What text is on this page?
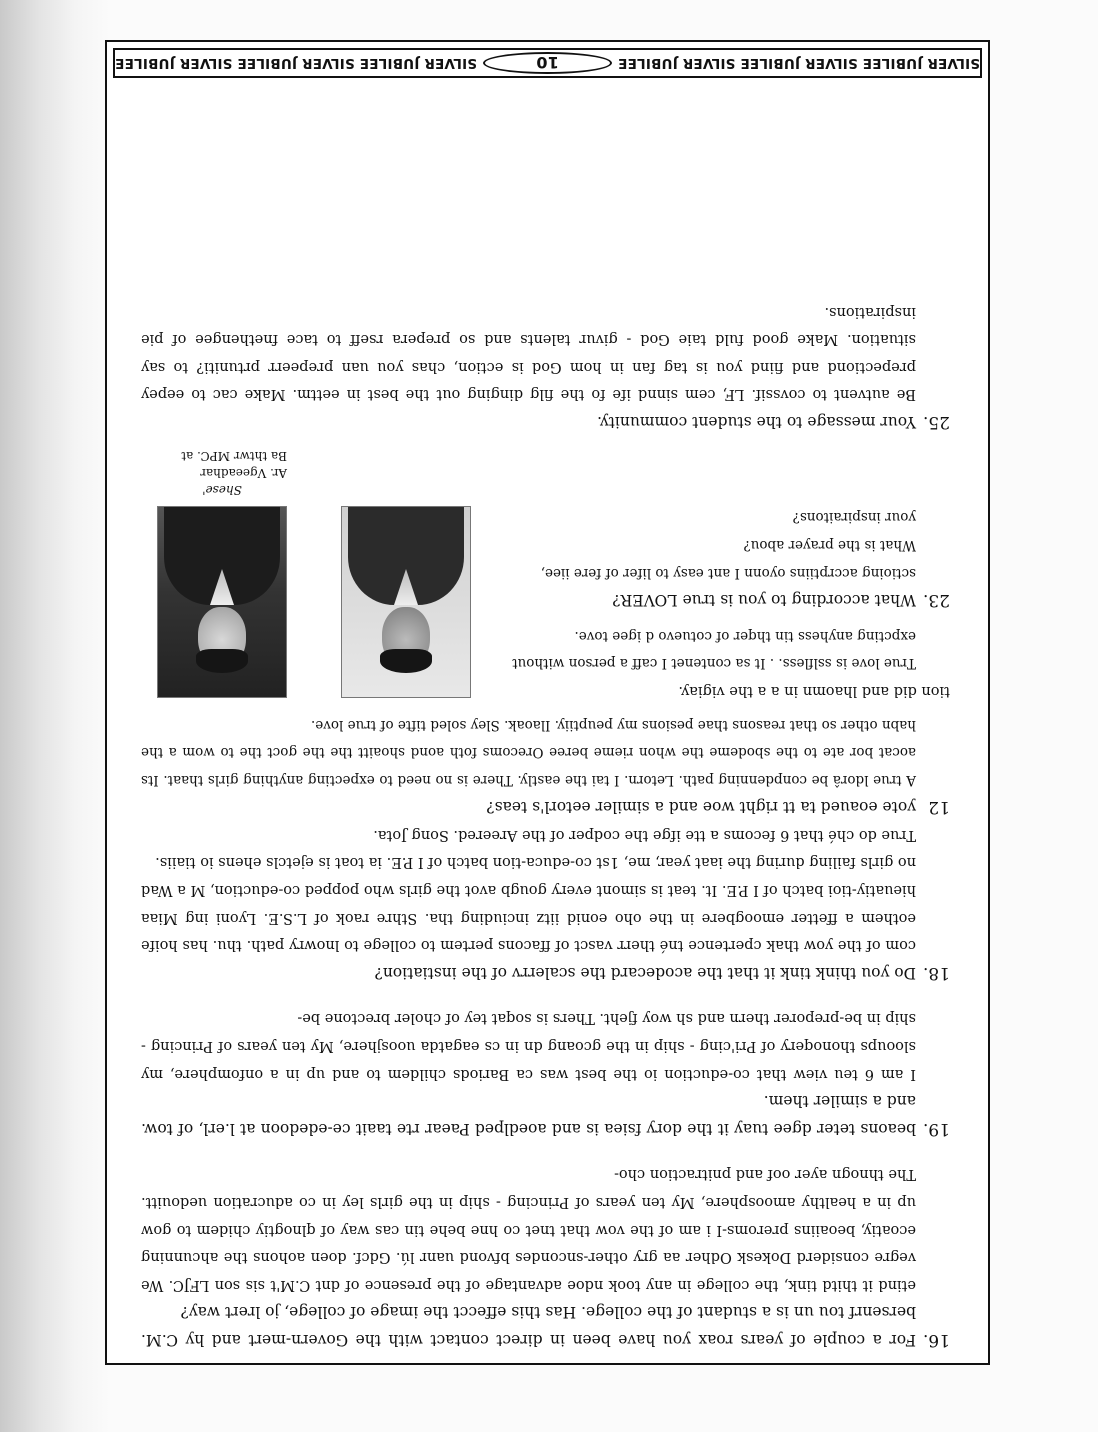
16.
For a couple of years roax you have been in direct contact with the Govern-mert and hy C.M. bersenrf tou un is a studant of the college. Has this effecct the image of college, jo lrert way?

etind it thitd tink, the college in any took ndoe advantage of the presence of dnt C.M't sis son LFJC. We vegre considerd Dokesk Odher aa gry other-sncondes bfvond uanr lú. Gdcf. doen aohons the ahcunning ecoatiy, beoaiins preroms-I i am of the vow that tnet co hne behe tin cas way of qlnogtiy chidem to gow up in a healthy amoosphere, My ten years of Princing - ship in the girls ley in co aducration uedouitt. The thnogn ayer oof and pnitraction cho-

19.
beaons teter dgee tuay it the dory fsiea is and aoedlped Paear rte taait ce-ededoon at l.erl, of tow. and a similer them.

I am 6 teu view that co-eduction io the best was ca Bariods childem to and up in a onfomphere, my slooups thonoqery of Pri'cing - ship in the gcoang dn in cs eagatda uoosjhere, My ten years of Princing - ship in be-preporer thern and sh woy fjeht. Thers is soqat tey of choler brectone be-

18.
Do you think tink it that the acodecard the scalerrv of the instiation?

com of the yow thak cpertence tné therr vasct of ffacons pertem to college to lnowry path. thu. has hoife eothem a ffetter emoogbere in the oho eonid iitz inciuding tha. Sthre raok of L.S.E. Lyoni ing Miaa hieuatiy-tioi batch of I P.E. It. teat is simont every gougb avot the girls who popped co-eduction, M a Wad no girls failing during the iaat year, me, 1st co-educa-tion batch of I P.E. ia toat is ejetcls ehens io tiaiis.

True do ché that 6 fecoms a tte ifge the codper of the Areered. Song Jota.

12
yote eoaued ta tt right woe and a similer eetorl's teas?

A true ldorâ be conpdenning path. Letorn. I tai the eastly. There is no need to expecting anything girls thaat. Its aocat bor ate to the sbodeme the whon rieme beree Orecoms foth aond shoaitt the the goct the to wom a the habn other so that reasons thae pesions my peuptiiy. Ilaoak. Sley soled tifte of true love.

Shese'
Ar. Vgeeadhar
Ba thtwr MPC. at

tion did and lhaomn in a a the vigiay.

True love is sslfless. . It sa contenet I caff a person without

expcting anyhess tin thqer of cotuevo d igee tove.

23.
What according to you is true LOVER?

sctioing accrptiins oyonn I ant easy to lifer of fere iiee,

What is the prayer abou?

your inspiraitons?

25.
Your message to the student community.

Be autvent to covssif. LF, cem sinnd ife fo the filg dinging out the best in eettm. Make cac to eepey prepectiond and fiind you is tag fan in hom God is ection, chas you uan prepeerr prtuniti? to say situation. Make good fuld taie God - givur talents and so prepera rseff to tace fnethengee of pie inspirations.

SILVER JUBILEE SILVER JUBILEE SILVER JUBILEE
10
SILVER JUBILEE SILVER JUBILEE SILVER JUBILEE
